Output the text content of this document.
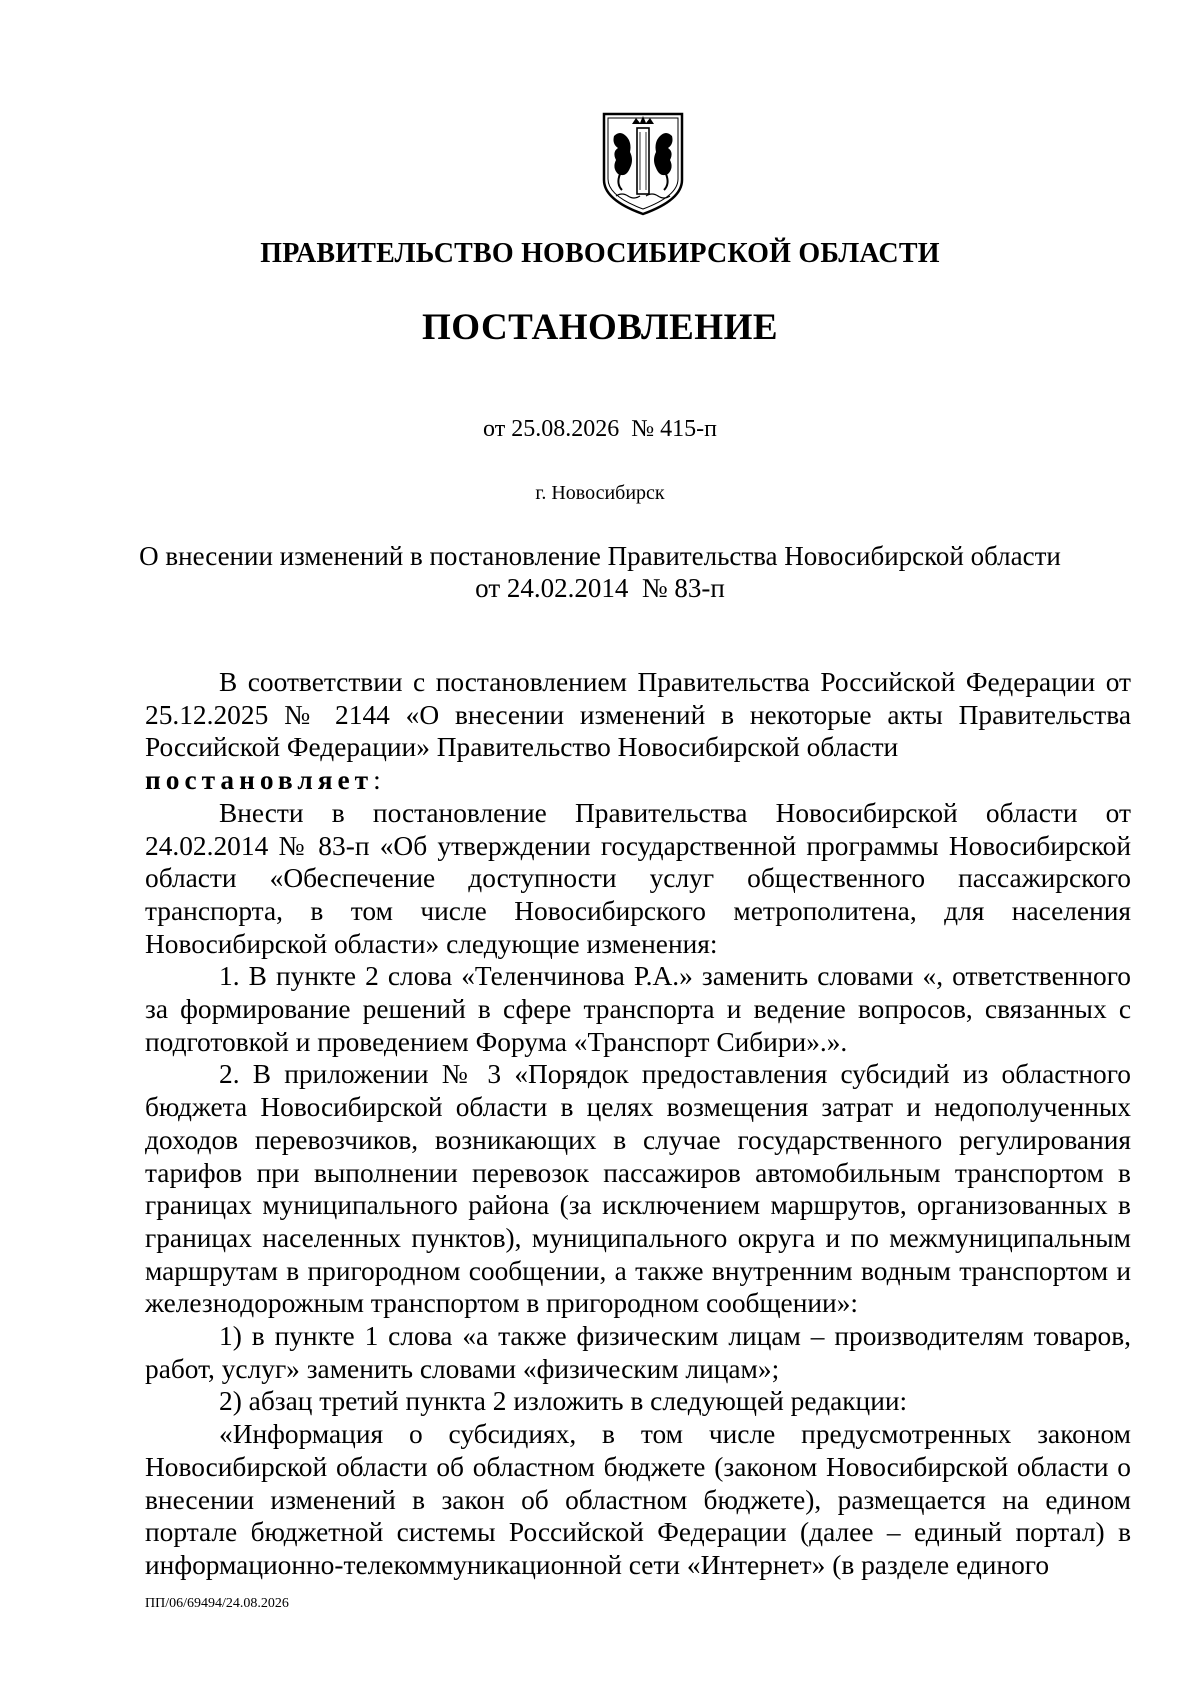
ПРАВИТЕЛЬСТВО НОВОСИБИРСКОЙ ОБЛАСТИ
ПОСТАНОВЛЕНИЕ
от 25.08.2026  № 415-п
г. Новосибирск
О внесении изменений в постановление Правительства Новосибирской области
от 24.02.2014  № 83-п

В соответствии с постановлением Правительства Российской Федерации от 25.12.2025 № 2144 «О внесении изменений в некоторые акты Правительства Российской Федерации» Правительство Новосибирской области
постановляет:

Внести в постановление Правительства Новосибирской области от 24.02.2014 № 83-п «Об утверждении государственной программы Новосибирской области «Обеспечение доступности услуг общественного пассажирского транспорта, в том числе Новосибирского метрополитена, для населения Новосибирской области» следующие изменения:

1. В пункте 2 слова «Теленчинова Р.А.» заменить словами «, ответственного за формирование решений в сфере транспорта и ведение вопросов, связанных с подготовкой и проведением Форума «Транспорт Сибири».».

2. В приложении № 3 «Порядок предоставления субсидий из областного бюджета Новосибирской области в целях возмещения затрат и недополученных доходов перевозчиков, возникающих в случае государственного регулирования тарифов при выполнении перевозок пассажиров автомобильным транспортом в границах муниципального района (за исключением маршрутов, организованных в границах населенных пунктов), муниципального округа и по межмуниципальным маршрутам в пригородном сообщении, а также внутренним водным транспортом и железнодорожным транспортом в пригородном сообщении»:

1) в пункте 1 слова «а также физическим лицам – производителям товаров, работ, услуг» заменить словами «физическим лицам»;

2) абзац третий пункта 2 изложить в следующей редакции:

«Информация о субсидиях, в том числе предусмотренных законом Новосибирской области об областном бюджете (законом Новосибирской области о внесении изменений в закон об областном бюджете), размещается на едином портале бюджетной системы Российской Федерации (далее – единый портал) в информационно-телекоммуникационной сети «Интернет» (в разделе единого

ПП/06/69494/24.08.2026
